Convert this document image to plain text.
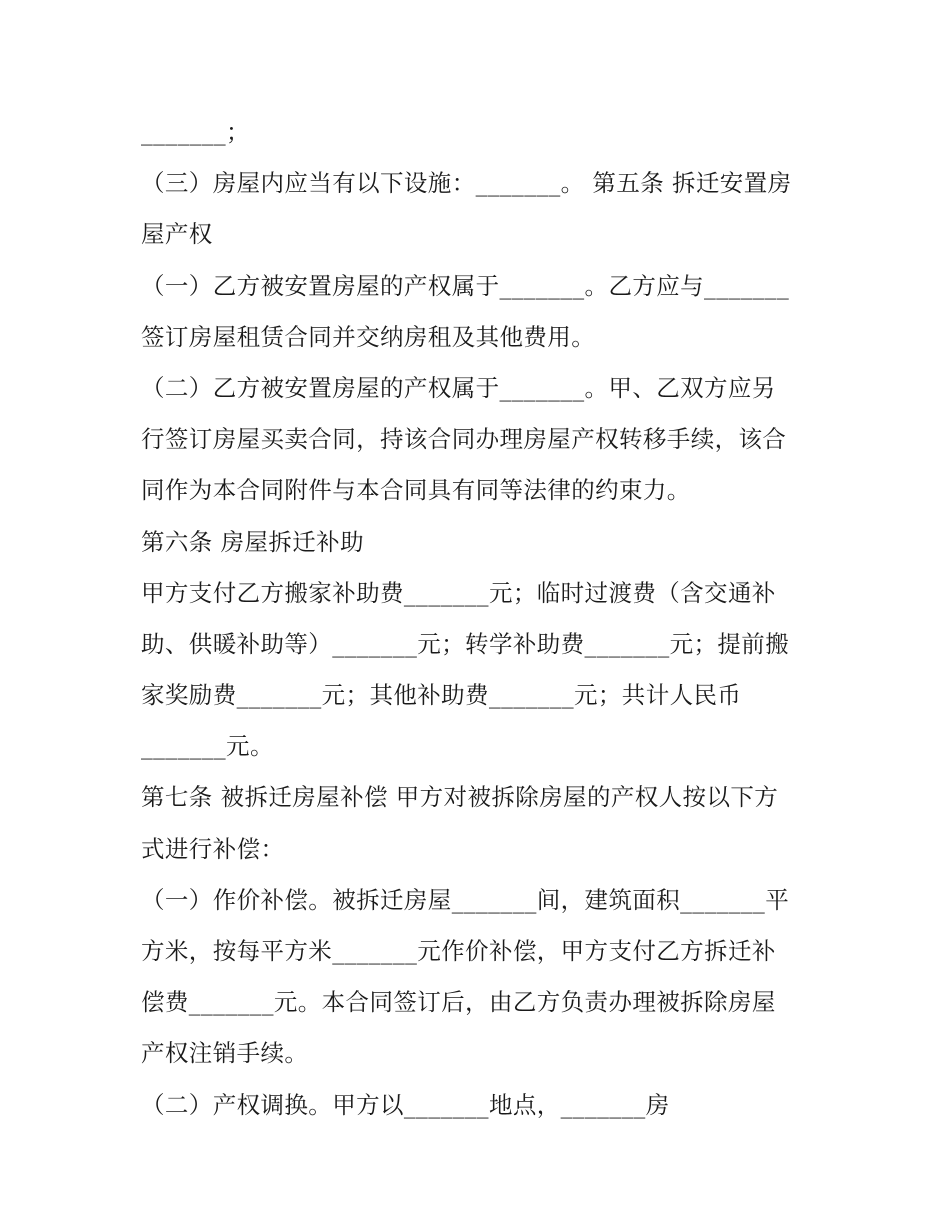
_______；
（三）房屋内应当有以下设施：_______。 第五条 拆迁安置房
屋产权
（一）乙方被安置房屋的产权属于_______。乙方应与_______
签订房屋租赁合同并交纳房租及其他费用。
（二）乙方被安置房屋的产权属于_______。甲、乙双方应另
行签订房屋买卖合同，持该合同办理房屋产权转移手续，该合
同作为本合同附件与本合同具有同等法律的约束力。
第六条 房屋拆迁补助
甲方支付乙方搬家补助费_______元；临时过渡费（含交通补
助、供暖补助等）_______元；转学补助费_______元；提前搬
家奖励费_______元；其他补助费_______元；共计人民币
_______元。
第七条 被拆迁房屋补偿 甲方对被拆除房屋的产权人按以下方
式进行补偿：
（一）作价补偿。被拆迁房屋_______间，建筑面积_______平
方米，按每平方米_______元作价补偿，甲方支付乙方拆迁补
偿费_______元。本合同签订后，由乙方负责办理被拆除房屋
产权注销手续。
（二）产权调换。甲方以_______地点，_______房
